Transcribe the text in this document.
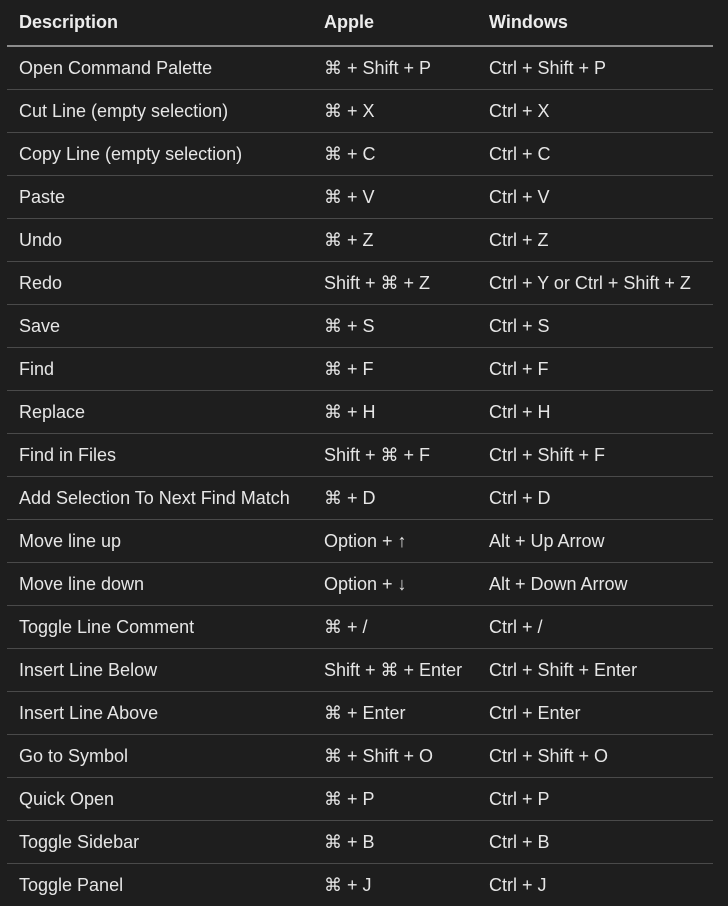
Description	Apple	Windows
Open Command Palette	⌘ + Shift + P	Ctrl + Shift + P
Cut Line (empty selection)	⌘ + X	Ctrl + X
Copy Line (empty selection)	⌘ + C	Ctrl + C
Paste	⌘ + V	Ctrl + V
Undo	⌘ + Z	Ctrl + Z
Redo	Shift + ⌘ + Z	Ctrl + Y or Ctrl + Shift + Z
Save	⌘ + S	Ctrl + S
Find	⌘ + F	Ctrl + F
Replace	⌘ + H	Ctrl + H
Find in Files	Shift + ⌘ + F	Ctrl + Shift + F
Add Selection To Next Find Match	⌘ + D	Ctrl + D
Move line up	Option + ↑	Alt + Up Arrow
Move line down	Option + ↓	Alt + Down Arrow
Toggle Line Comment	⌘ + /	Ctrl + /
Insert Line Below	Shift + ⌘ + Enter	Ctrl + Shift + Enter
Insert Line Above	⌘ + Enter	Ctrl + Enter
Go to Symbol	⌘ + Shift + O	Ctrl + Shift + O
Quick Open	⌘ + P	Ctrl + P
Toggle Sidebar	⌘ + B	Ctrl + B
Toggle Panel	⌘ + J	Ctrl + J
